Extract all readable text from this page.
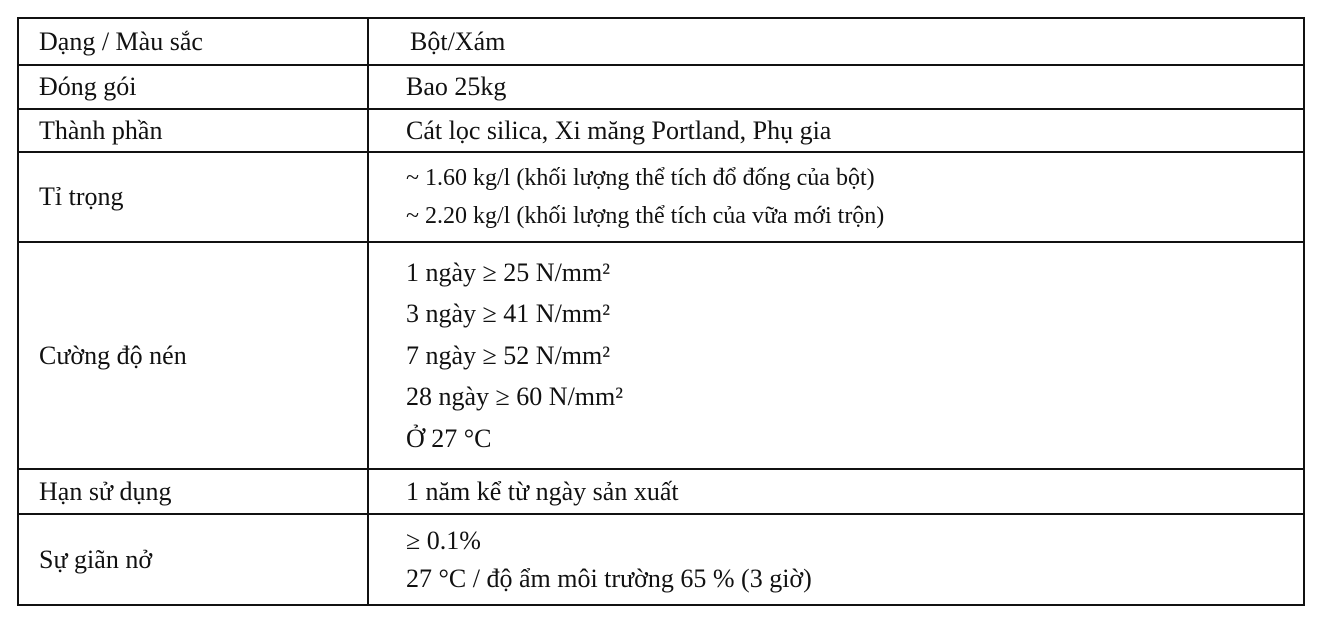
Dạng / Màu sắc	Bột/Xám

Đóng gói	Bao 25kg

Thành phần	Cát lọc silica, Xi măng Portland, Phụ gia

Tỉ trọng	~ 1.60 kg/l (khối lượng thể tích đổ đống của bột)
~ 2.20 kg/l (khối lượng thể tích của vữa mới trộn)

Cường độ nén	1 ngày ≥ 25 N/mm²
3 ngày ≥ 41 N/mm²
7 ngày ≥ 52 N/mm²
28 ngày ≥ 60 N/mm²
Ở 27 °C

Hạn sử dụng	1 năm kể từ ngày sản xuất

Sự giãn nở	≥ 0.1%
27 °C / độ ẩm môi trường 65 % (3 giờ)
